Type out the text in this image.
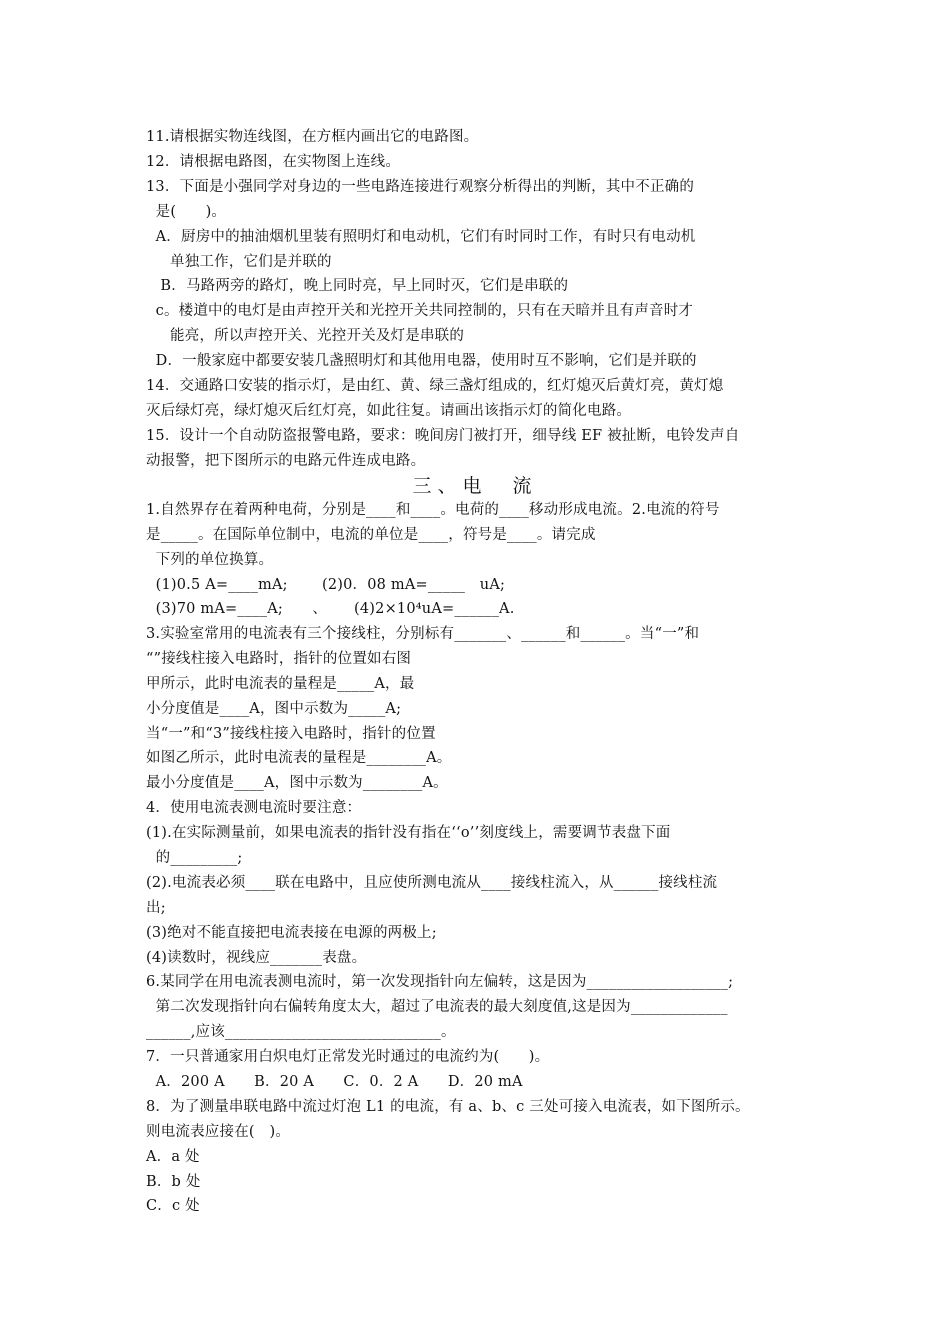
11.请根据实物连线图，在方框内画出它的电路图。
12．请根据电路图，在实物图上连线。
13．下面是小强同学对身边的一些电路连接进行观察分析得出的判断，其中不正确的
是(　　)。
A．厨房中的抽油烟机里装有照明灯和电动机，它们有时同时工作，有时只有电动机
单独工作，它们是并联的
B．马路两旁的路灯，晚上同时亮，早上同时灭，它们是串联的
c。楼道中的电灯是由声控开关和光控开关共同控制的，只有在天暗并且有声音时才
能亮，所以声控开关、光控开关及灯是串联的
D．一般家庭中都要安装几盏照明灯和其他用电器，使用时互不影响，它们是并联的
14．交通路口安装的指示灯，是由红、黄、绿三盏灯组成的，红灯熄灭后黄灯亮，黄灯熄
灭后绿灯亮，绿灯熄灭后红灯亮，如此往复。请画出该指示灯的简化电路。
15．设计一个自动防盗报警电路，要求：晚间房门被打开，细导线 EF 被扯断，电铃发声自
动报警，把下图所示的电路元件连成电路。
三、电　流
1.自然界存在着两种电荷，分别是____和____。电荷的____移动形成电流。2.电流的符号
是_____。在国际单位制中，电流的单位是____，符号是____。请完成
下列的单位换算。
(1)0.5 A=____mA;　　 (2)0．08 mA=_____　uA;
(3)70 mA=____A;　　、　　 (4)2×10⁴uA=______A.
3.实验室常用的电流表有三个接线柱，分别标有_______、______和______。当“一”和
“”接线柱接入电路时，指针的位置如右图
甲所示，此时电流表的量程是_____A，最
小分度值是____A，图中示数为_____A;
当“一”和“3”接线柱接入电路时，指针的位置
如图乙所示，此时电流表的量程是________A。
最小分度值是____A，图中示数为________A。
4．使用电流表测电流时要注意：
(1).在实际测量前，如果电流表的指针没有指在‘‘o’’刻度线上，需要调节表盘下面
的_________;
(2).电流表必须____联在电路中，且应使所测电流从____接线柱流入，从______接线柱流
出;
(3)绝对不能直接把电流表接在电源的两极上;
(4)读数时，视线应_______表盘。
6.某同学在用电流表测电流时，第一次发现指针向左偏转，这是因为___________________;
第二次发现指针向右偏转角度太大，超过了电流表的最大刻度值,这是因为_____________
______,应该_____________________________。
7．一只普通家用白炽电灯正常发光时通过的电流约为(　　)。
A．200 A　　B．20 A　　C．0．2 A　　D．20 mA
8．为了测量串联电路中流过灯泡 L1 的电流，有 a、b、c 三处可接入电流表，如下图所示。
则电流表应接在(　)。
A．a 处
B．b 处
C．c 处
